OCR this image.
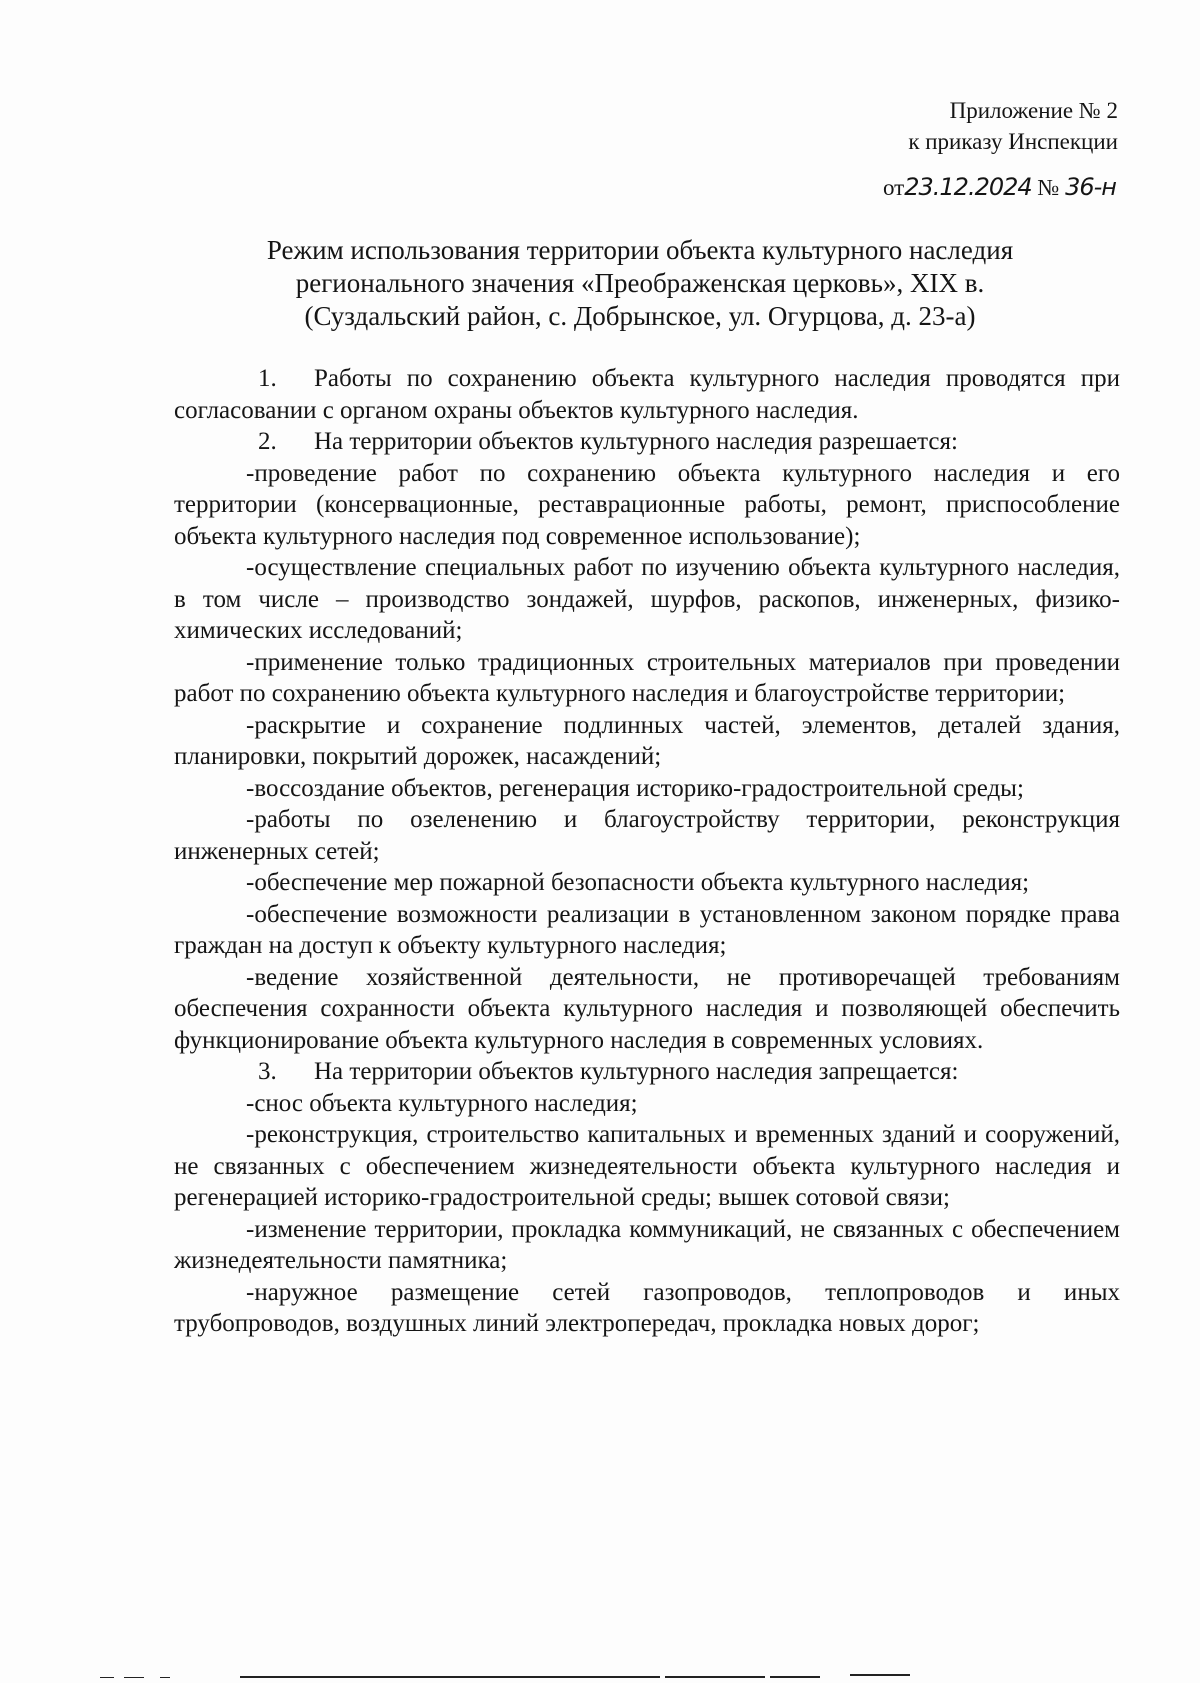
Приложение № 2
к приказу Инспекции
от23.12.2024 № 36-н
Режим использования территории объекта культурного наследия
регионального значения «Преображенская церковь», XIX в.
(Суздальский район, с. Добрынское, ул. Огурцова, д. 23-а)

1. Работы по сохранению объекта культурного наследия проводятся при согласовании с органом охраны объектов культурного наследия.

2. На территории объектов культурного наследия разрешается:

-проведение работ по сохранению объекта культурного наследия и его территории (консервационные, реставрационные работы, ремонт, приспособление объекта культурного наследия под современное использование);

-осуществление специальных работ по изучению объекта культурного наследия, в том числе – производство зондажей, шурфов, раскопов, инженерных, физико-химических исследований;

-применение только традиционных строительных материалов при проведении работ по сохранению объекта культурного наследия и благоустройстве территории;

-раскрытие и сохранение подлинных частей, элементов, деталей здания, планировки, покрытий дорожек, насаждений;

-воссоздание объектов, регенерация историко-градостроительной среды;

-работы по озеленению и благоустройству территории, реконструкция инженерных сетей;

-обеспечение мер пожарной безопасности объекта культурного наследия;

-обеспечение возможности реализации в установленном законом порядке права граждан на доступ к объекту культурного наследия;

-ведение хозяйственной деятельности, не противоречащей требованиям обеспечения сохранности объекта культурного наследия и позволяющей обеспечить функционирование объекта культурного наследия в современных условиях.

3. На территории объектов культурного наследия запрещается:

-снос объекта культурного наследия;

-реконструкция, строительство капитальных и временных зданий и сооружений, не связанных с обеспечением жизнедеятельности объекта культурного наследия и регенерацией историко-градостроительной среды; вышек сотовой связи;

-изменение территории, прокладка коммуникаций, не связанных с обеспечением жизнедеятельности памятника;

-наружное размещение сетей газопроводов, теплопроводов и иных трубопроводов, воздушных линий электропередач, прокладка новых дорог;
